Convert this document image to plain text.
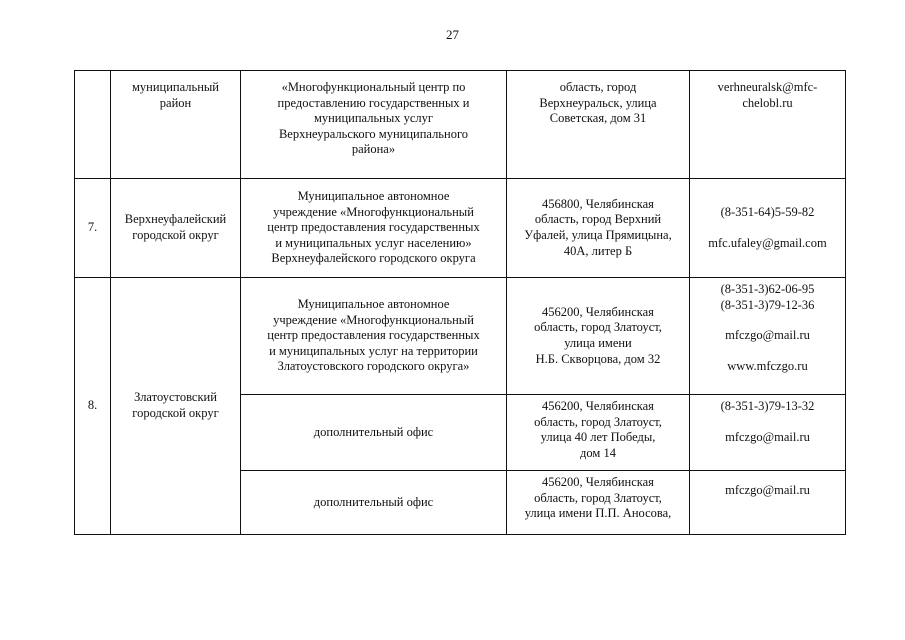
27

	муниципальный
район	«Многофункциональный центр по
предоставлению государственных и
муниципальных услуг
Верхнеуральского муниципального
района»	область, город
Верхнеуральск, улица
Советская, дом 31	verhneuralsk@mfc-
chelobl.ru

7.	Верхнеуфалейский
городской округ	Муниципальное автономное
учреждение «Многофункциональный
центр предоставления государственных
и муниципальных услуг населению»
Верхнеуфалейского городского округа	456800, Челябинская
область, город Верхний
Уфалей, улица Прямицына,
40А, литер Б	(8-351-64)5-59-82
mfc.ufaley@gmail.com

8.	Златоустовский
городской округ	Муниципальное автономное
учреждение «Многофункциональный
центр предоставления государственных
и муниципальных услуг на территории
Златоустовского городского округа»	456200, Челябинская
область, город Златоуст,
улица имени
Н.Б. Скворцова, дом 32	(8-351-3)62-06-95
(8-351-3)79-12-36
mfczgo@mail.ru
www.mfczgo.ru

		дополнительный офис	456200, Челябинская
область, город Златоуст,
улица 40 лет Победы,
дом 14	(8-351-3)79-13-32
mfczgo@mail.ru

		дополнительный офис	456200, Челябинская
область, город Златоуст,
улица имени П.П. Аносова,	mfczgo@mail.ru
